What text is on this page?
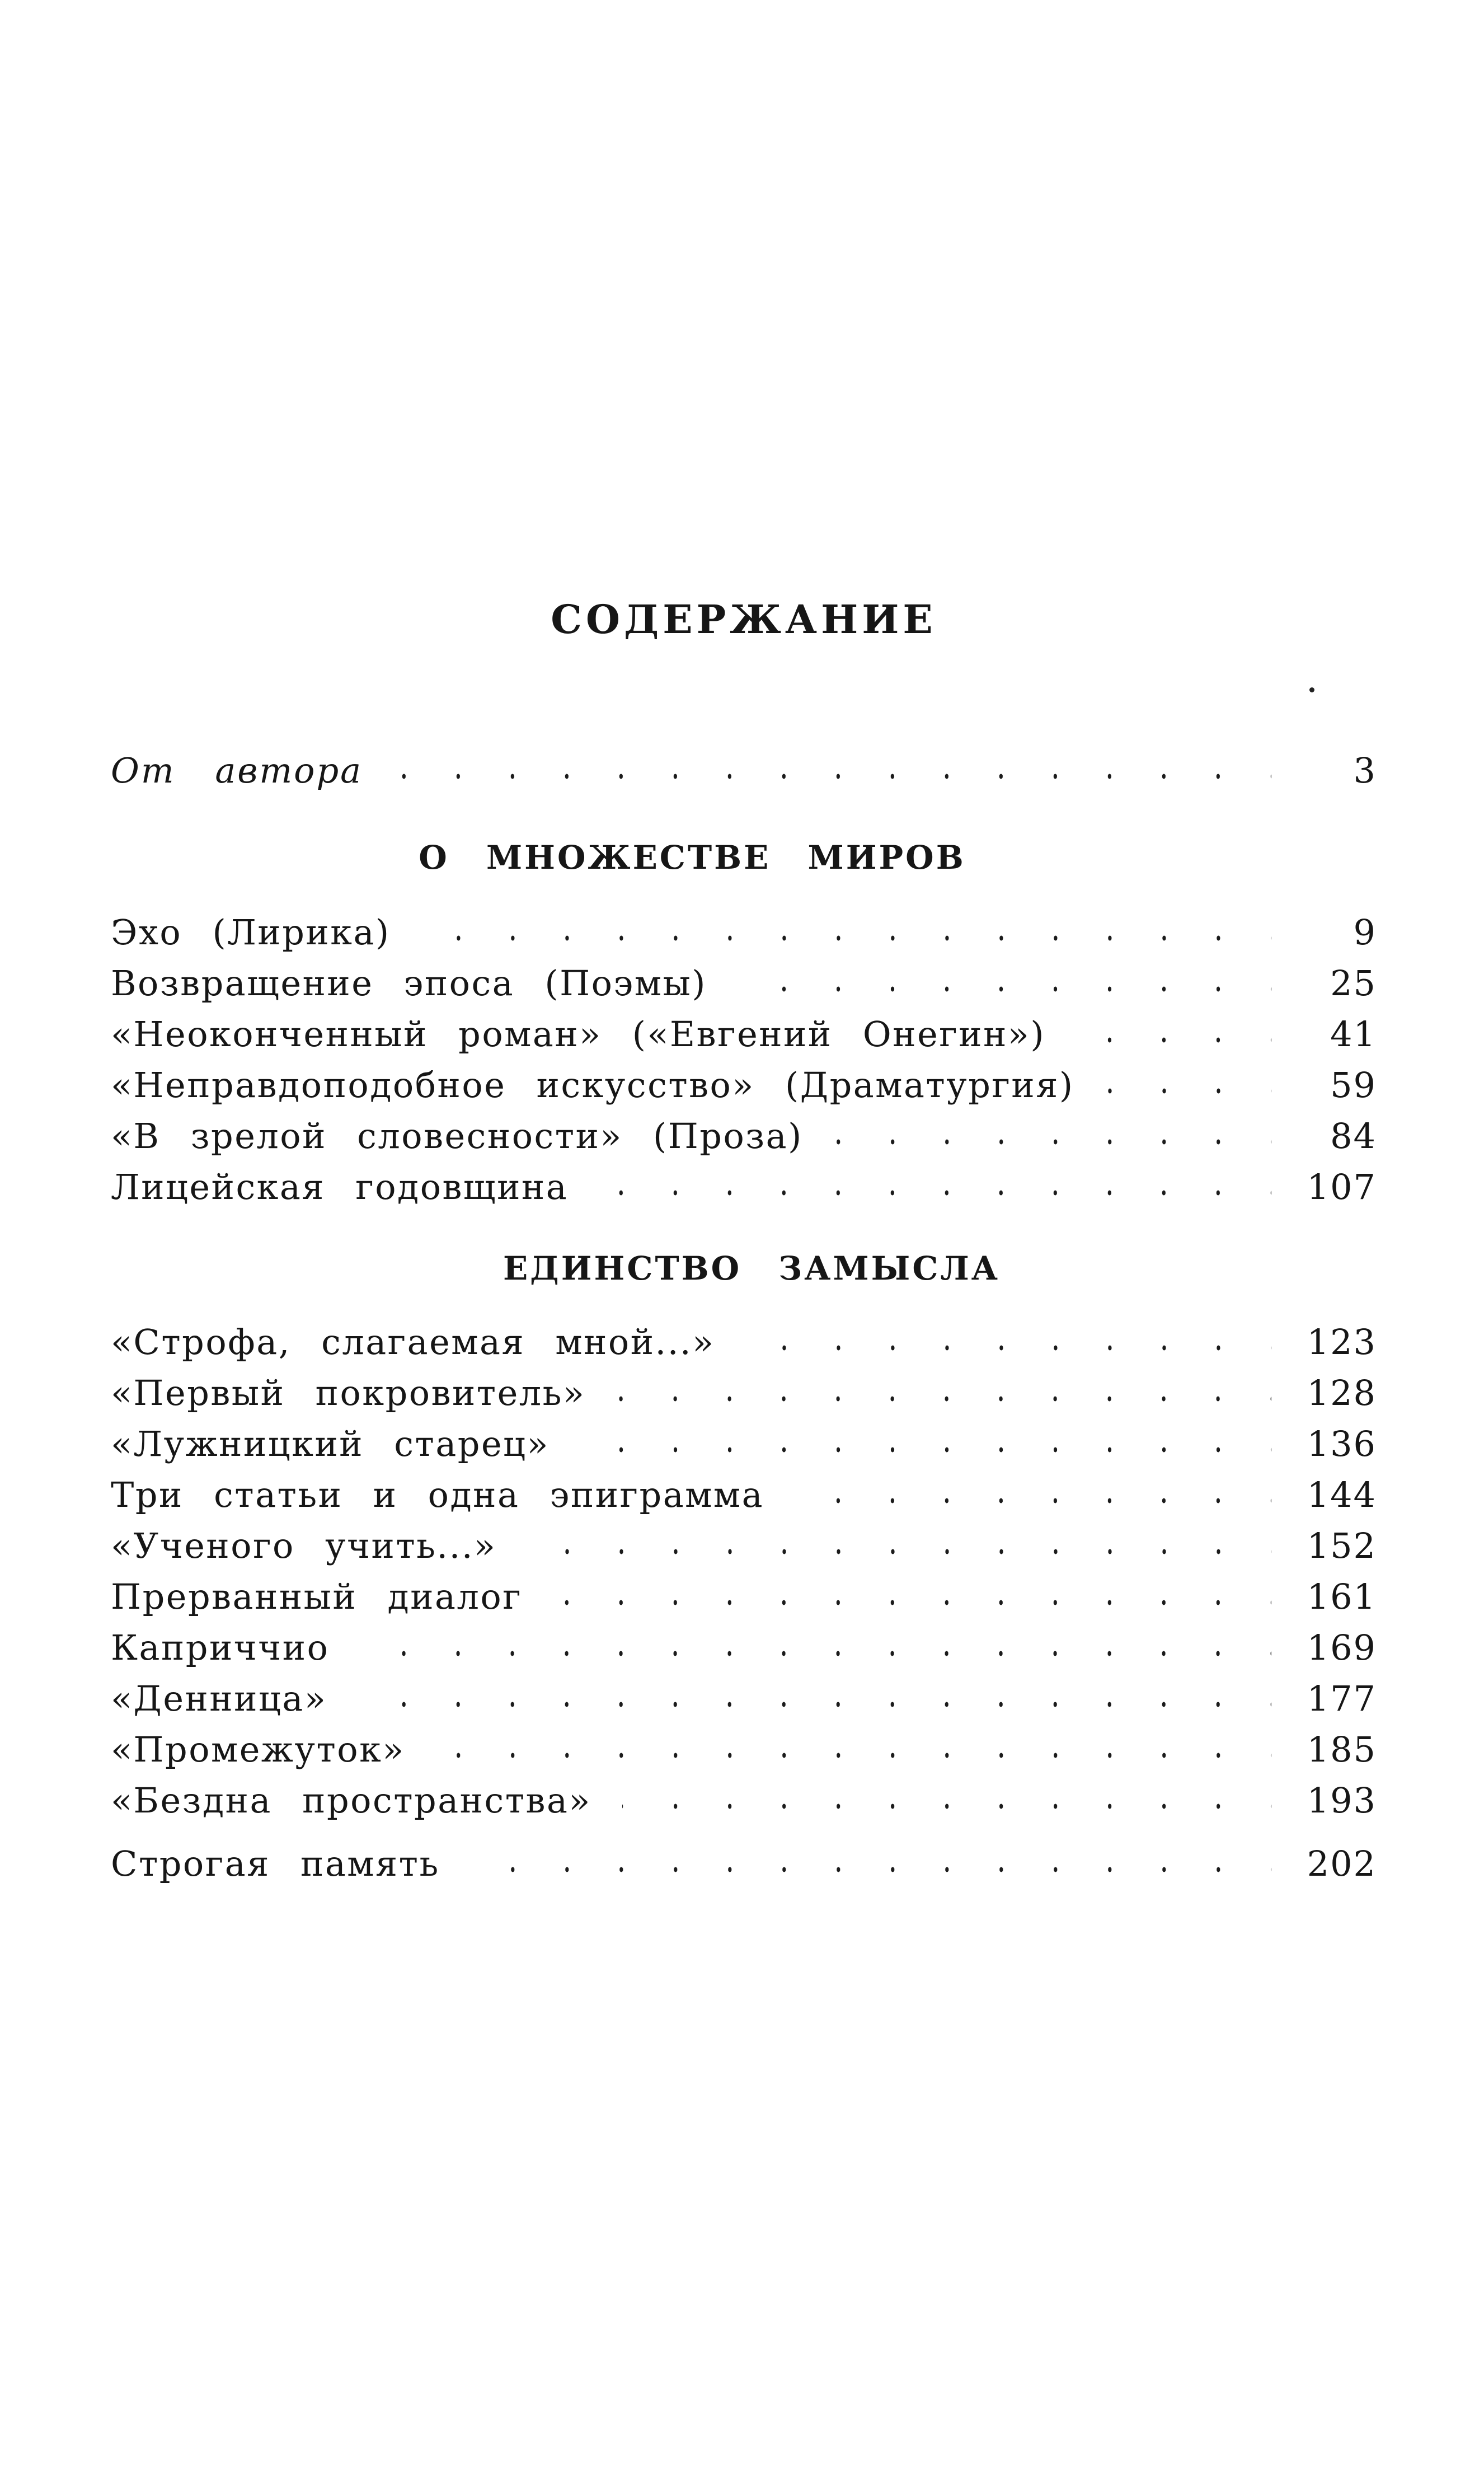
СОДЕРЖАНИЕ
От автора	3
О МНОЖЕСТВЕ МИРОВ
Эхо (Лирика)	9
Возвращение эпоса (Поэмы)	25
«Неоконченный роман» («Евгений Онегин»)	41
«Неправдоподобное искусство» (Драматургия)	59
«В зрелой словесности» (Проза)	84
Лицейская годовщина	107
ЕДИНСТВО ЗАМЫСЛА
«Строфа, слагаемая мной...»	123
«Первый покровитель»	128
«Лужницкий старец»	136
Три статьи и одна эпиграмма	144
«Ученого учить...»	152
Прерванный диалог	161
Каприччио	169
«Денница»	177
«Промежуток»	185
«Бездна пространства»	193
Строгая память	202
